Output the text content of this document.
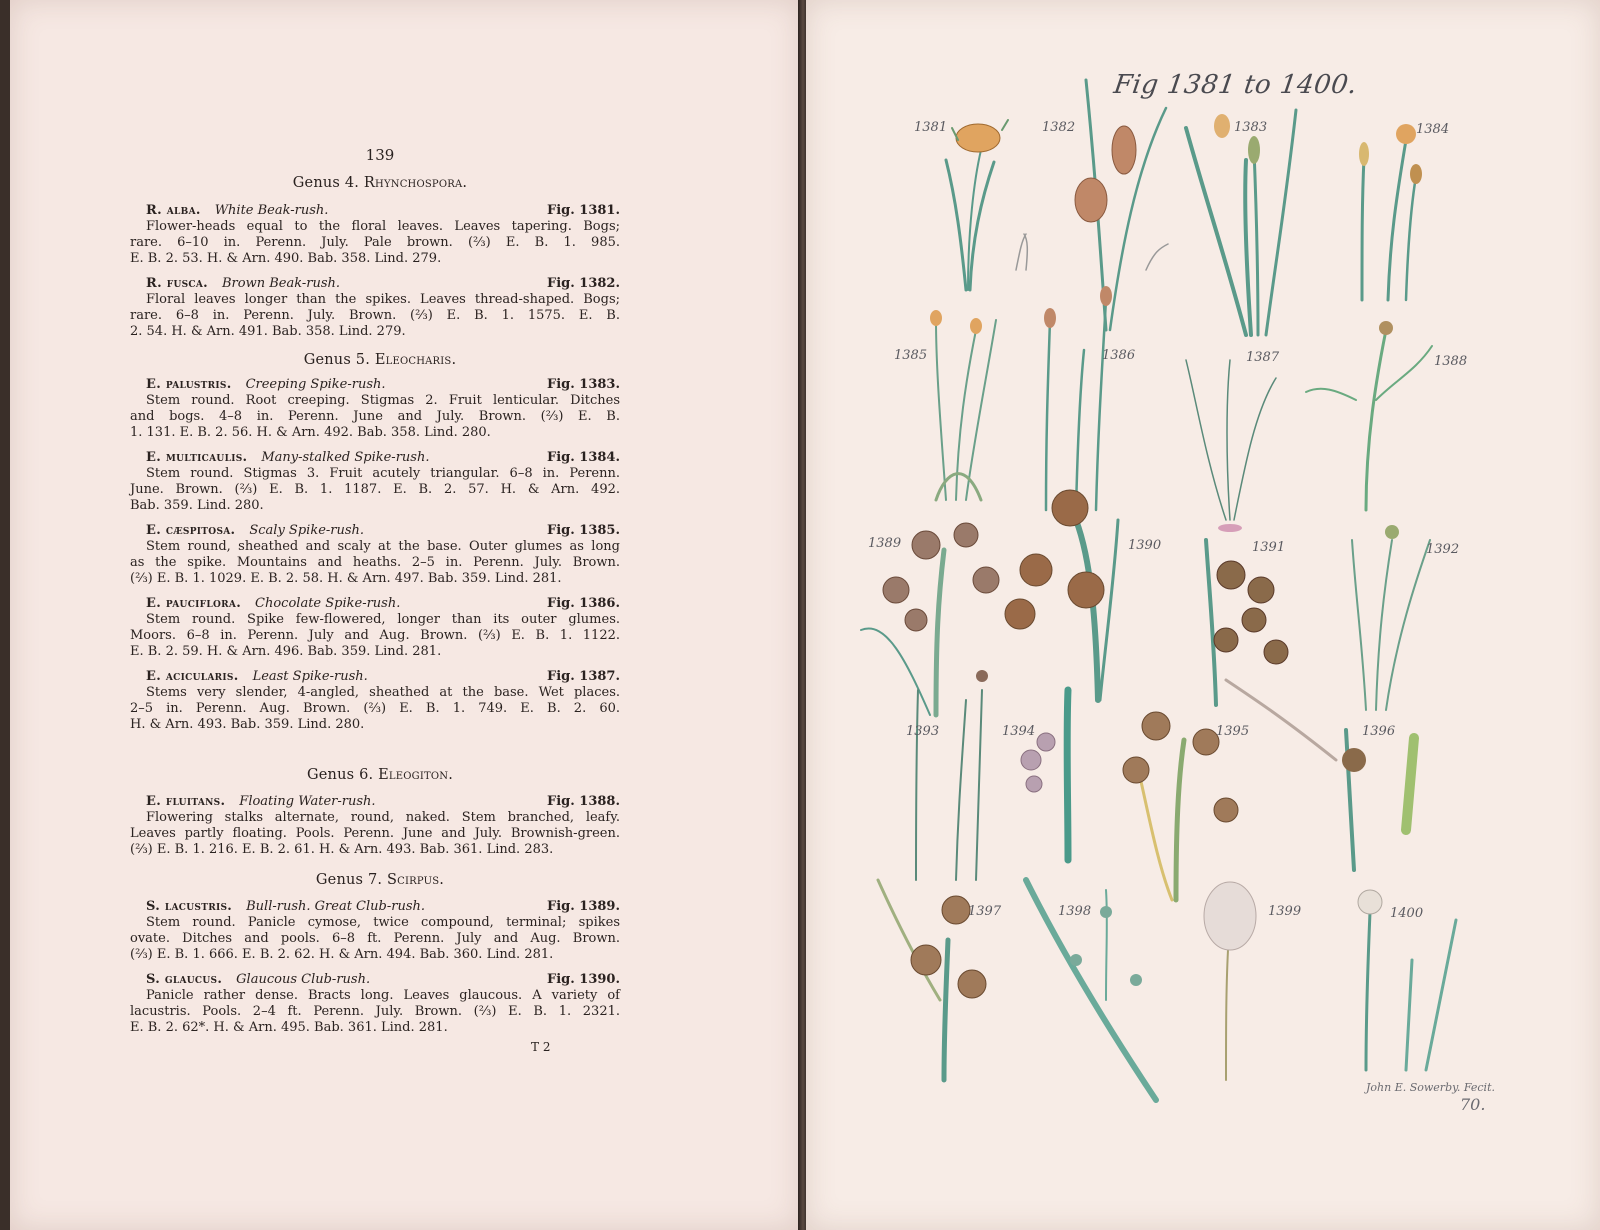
139
Genus 4. Rhynchospora.
R. alba. White Beak-rush.	Fig. 1381.
Flower-heads equal to the floral leaves. Leaves tapering. Bogs;
rare. 6–10 in. Perenn. July. Pale brown. (⅔) E. B. 1. 985.
E. B. 2. 53. H. & Arn. 490. Bab. 358. Lind. 279.
R. fusca. Brown Beak-rush.	Fig. 1382.
Floral leaves longer than the spikes. Leaves thread-shaped. Bogs;
rare. 6–8 in. Perenn. July. Brown. (⅔) E. B. 1. 1575. E. B.
2. 54. H. & Arn. 491. Bab. 358. Lind. 279.
Genus 5. Eleocharis.
E. palustris. Creeping Spike-rush.	Fig. 1383.
Stem round. Root creeping. Stigmas 2. Fruit lenticular. Ditches
and bogs. 4–8 in. Perenn. June and July. Brown. (⅔) E. B.
1. 131. E. B. 2. 56. H. & Arn. 492. Bab. 358. Lind. 280.
E. multicaulis. Many-stalked Spike-rush.	Fig. 1384.
Stem round. Stigmas 3. Fruit acutely triangular. 6–8 in. Perenn.
June. Brown. (⅔) E. B. 1. 1187. E. B. 2. 57. H. & Arn. 492.
Bab. 359. Lind. 280.
E. cæspitosa. Scaly Spike-rush.	Fig. 1385.
Stem round, sheathed and scaly at the base. Outer glumes as long
as the spike. Mountains and heaths. 2–5 in. Perenn. July. Brown.
(⅔) E. B. 1. 1029. E. B. 2. 58. H. & Arn. 497. Bab. 359. Lind. 281.
E. pauciflora. Chocolate Spike-rush.	Fig. 1386.
Stem round. Spike few-flowered, longer than its outer glumes.
Moors. 6–8 in. Perenn. July and Aug. Brown. (⅔) E. B. 1. 1122.
E. B. 2. 59. H. & Arn. 496. Bab. 359. Lind. 281.
E. acicularis. Least Spike-rush.	Fig. 1387.
Stems very slender, 4-angled, sheathed at the base. Wet places.
2–5 in. Perenn. Aug. Brown. (⅔) E. B. 1. 749. E. B. 2. 60.
H. & Arn. 493. Bab. 359. Lind. 280.
Genus 6. Eleogiton.
E. fluitans. Floating Water-rush.	Fig. 1388.
Flowering stalks alternate, round, naked. Stem branched, leafy.
Leaves partly floating. Pools. Perenn. June and July. Brownish-green.
(⅔) E. B. 1. 216. E. B. 2. 61. H. & Arn. 493. Bab. 361. Lind. 283.
Genus 7. Scirpus.
S. lacustris. Bull-rush. Great Club-rush.	Fig. 1389.
Stem round. Panicle cymose, twice compound, terminal; spikes
ovate. Ditches and pools. 6–8 ft. Perenn. July and Aug. Brown.
(⅔) E. B. 1. 666. E. B. 2. 62. H. & Arn. 494. Bab. 360. Lind. 281.
S. glaucus. Glaucous Club-rush.	Fig. 1390.
Panicle rather dense. Bracts long. Leaves glaucous. A variety of
lacustris. Pools. 2–4 ft. Perenn. July. Brown. (⅔) E. B. 1. 2321.
E. B. 2. 62*. H. & Arn. 495. Bab. 361. Lind. 281.
T 2
Fig 1381 to 1400.
1381	1382	1383	1384
1385	1386	1387	1388
1389	1390	1391	1392
1393	1394	1395	1396
1397	1398	1399	1400
John E. Sowerby. Fecit.
70.
